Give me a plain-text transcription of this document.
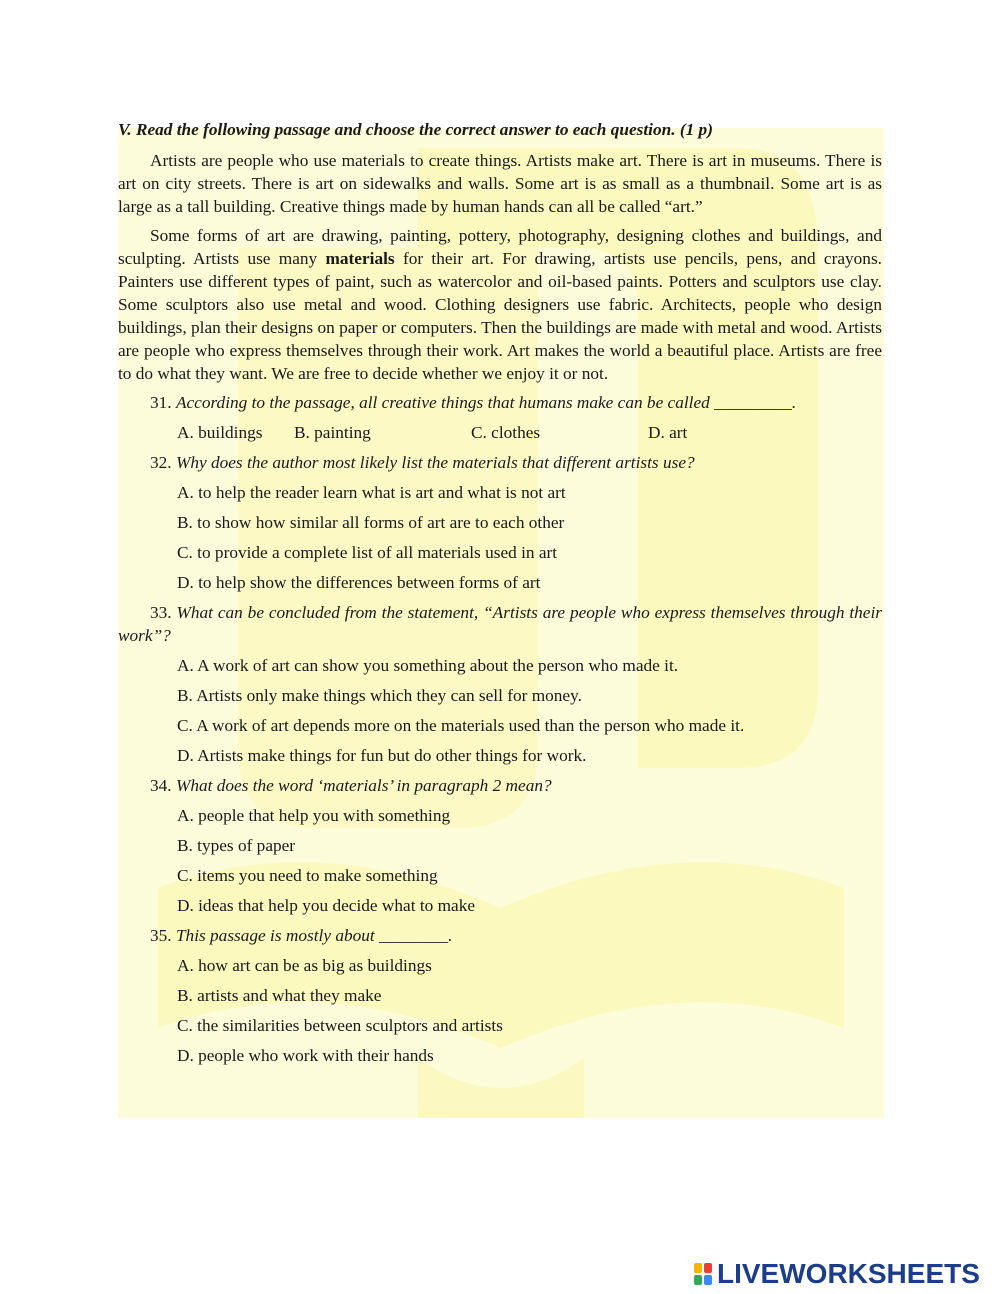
V. Read the following passage and choose the correct answer to each question. (1 p)

Artists are people who use materials to create things. Artists make art. There is art in museums. There is art on city streets. There is art on sidewalks and walls. Some art is as small as a thumbnail. Some art is as large as a tall building. Creative things made by human hands can all be called “art.”

Some forms of art are drawing, painting, pottery, photography, designing clothes and buildings, and sculpting. Artists use many materials for their art. For drawing, artists use pencils, pens, and crayons. Painters use different types of paint, such as watercolor and oil-based paints. Potters and sculptors use clay. Some sculptors also use metal and wood. Clothing designers use fabric. Architects, people who design buildings, plan their designs on paper or computers. Then the buildings are made with metal and wood. Artists are people who express themselves through their work. Art makes the world a beautiful place. Artists are free to do what they want. We are free to decide whether we enjoy it or not.

31. According to the passage, all creative things that humans make can be called _________.

A. buildings	B. painting	C. clothes	D. art

32. Why does the author most likely list the materials that different artists use?

A. to help the reader learn what is art and what is not art

B. to show how similar all forms of art are to each other

C. to provide a complete list of all materials used in art

D. to help show the differences between forms of art

33. What can be concluded from the statement, “Artists are people who express themselves through their work”?

A. A work of art can show you something about the person who made it.

B. Artists only make things which they can sell for money.

C. A work of art depends more on the materials used than the person who made it.

D. Artists make things for fun but do other things for work.

34. What does the word ‘materials’ in paragraph 2 mean?

A. people that help you with something

B. types of paper

C. items you need to make something

D. ideas that help you decide what to make

35. This passage is mostly about ________.

A. how art can be as big as buildings

B. artists and what they make

C. the similarities between sculptors and artists

D. people who work with their hands

LIVEWORKSHEETS
